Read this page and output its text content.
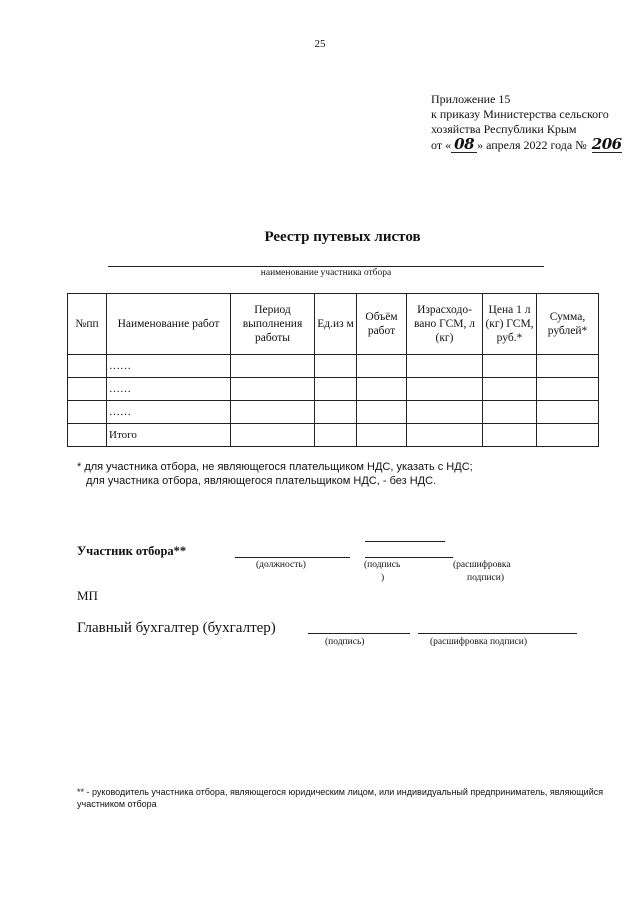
25
Приложение 15
к приказу Министерства сельского
хозяйства Республики Крым
от « 08 » апреля 2022 года № 206
Реестр путевых листов
наименование участника отбора
№пп	Наименование работ	Период выполнения работы	Ед.из м	Объём работ	Израсходо-вано ГСМ, л (кг)	Цена 1 л (кг) ГСМ, руб.*	Сумма, рублей*
	……						
	……						
	……						
	Итого						
* для участника отбора, не являющегося плательщиком НДС, указать с НДС;
для участника отбора, являющегося плательщиком НДС, - без НДС.
Участник отбора**
(должность)	(подпись
)
(расшифровка
подписи)
МП
Главный бухгалтер (бухгалтер)
(подпись)	(расшифровка подписи)
** - руководитель участника отбора, являющегося юридическим лицом, или индивидуальный предприниматель, являющийся участником отбора
